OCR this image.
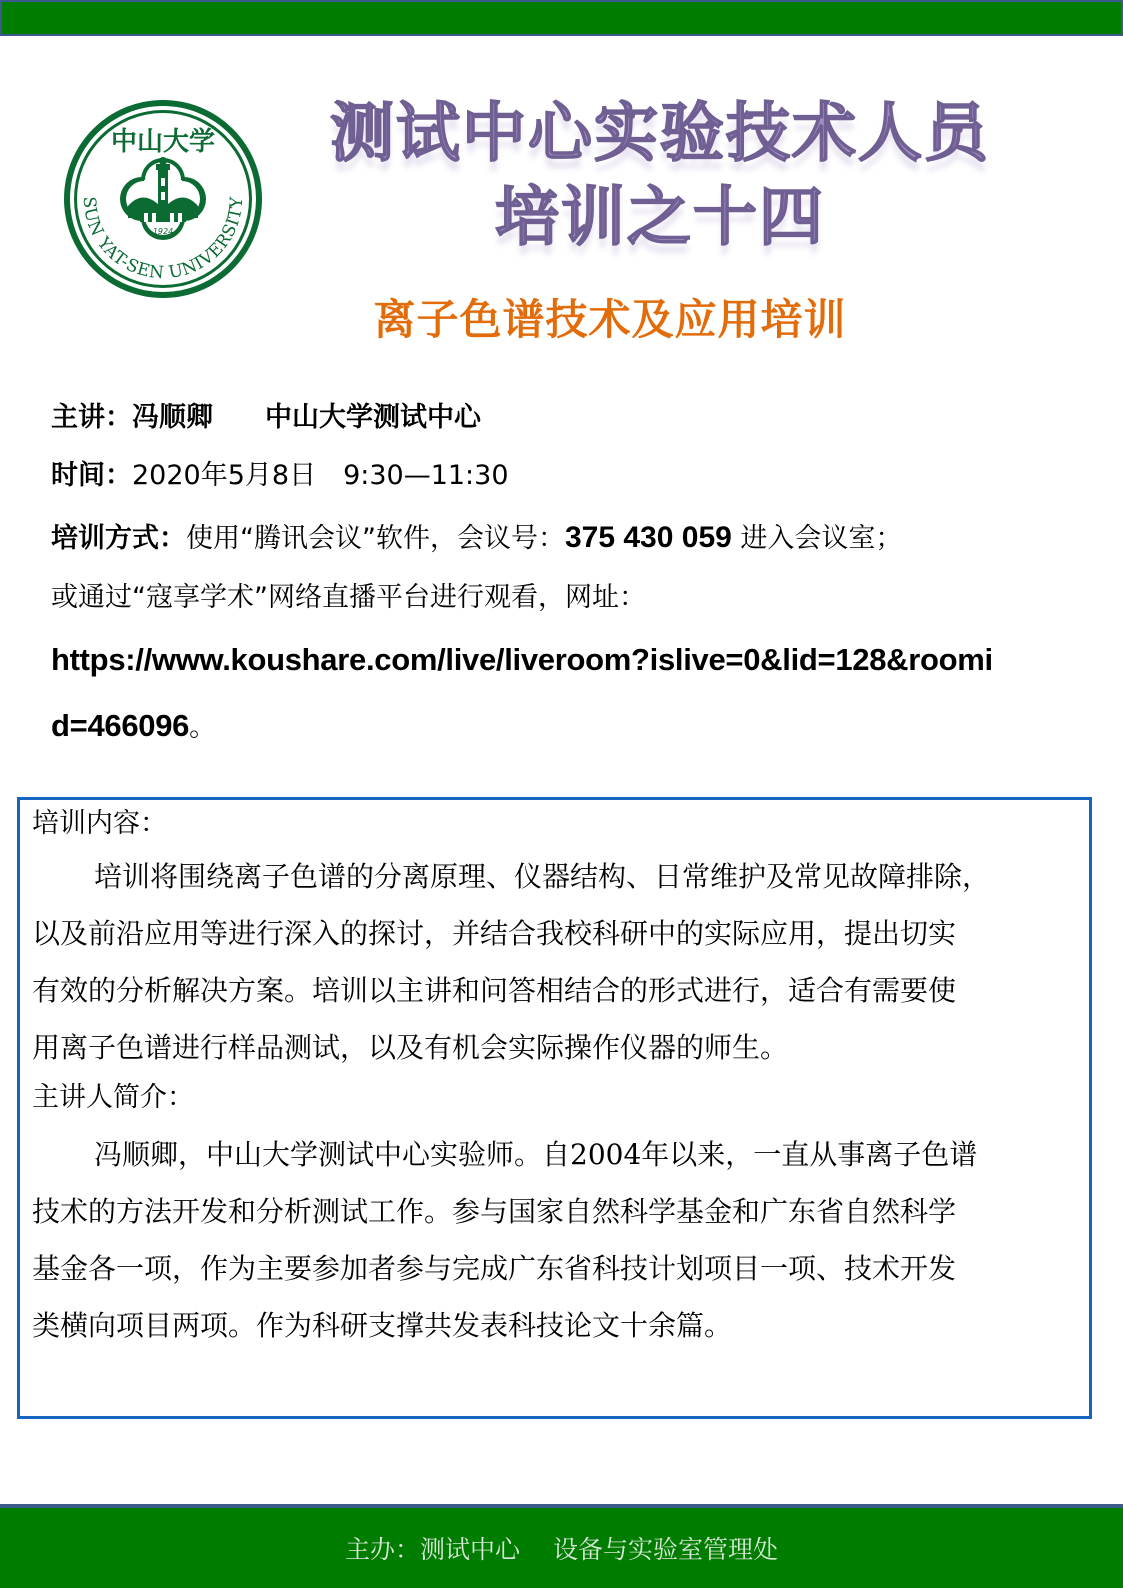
中山大学
SUN YAT-SEN UNIVERSITY
1924
测试中心实验技术人员
培训之十四
离子色谱技术及应用培训
主讲：冯顺卿 中山大学测试中心
时间：2020年5月8日　9:30—11:30
培训方式：使用“腾讯会议”软件，会议号：375 430 059 进入会议室；
或通过“寇享学术”网络直播平台进行观看，网址：
https://www.koushare.com/live/liveroom?islive=0&lid=128&roomi
d=466096。
培训内容：
培训将围绕离子色谱的分离原理、仪器结构、日常维护及常见故障排除，
以及前沿应用等进行深入的探讨，并结合我校科研中的实际应用，提出切实
有效的分析解决方案。培训以主讲和问答相结合的形式进行，适合有需要使
用离子色谱进行样品测试，以及有机会实际操作仪器的师生。
主讲人简介：
冯顺卿，中山大学测试中心实验师。自2004年以来，一直从事离子色谱
技术的方法开发和分析测试工作。参与国家自然科学基金和广东省自然科学
基金各一项，作为主要参加者参与完成广东省科技计划项目一项、技术开发
类横向项目两项。作为科研支撑共发表科技论文十余篇。
主办：测试中心　 设备与实验室管理处
